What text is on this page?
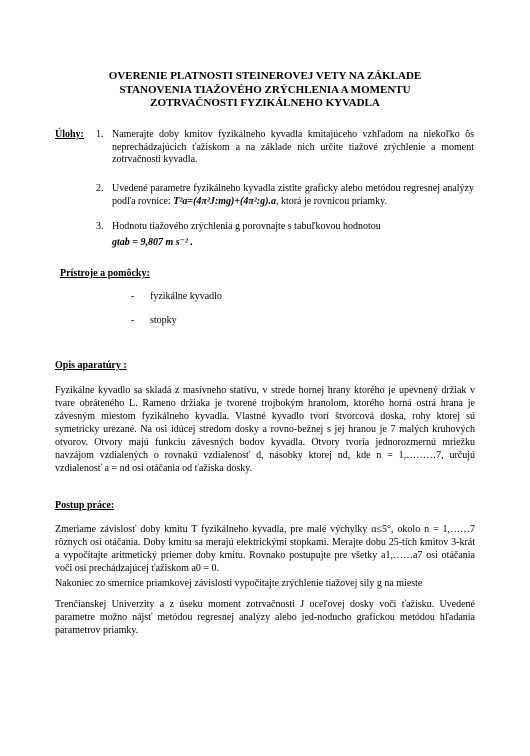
OVERENIE PLATNOSTI STEINEROVEJ VETY NA ZÁKLADE
STANOVENIA TIAŽOVÉHO ZRÝCHLENIA A MOMENTU
ZOTRVAČNOSTI FYZIKÁLNEHO KYVADLA
Úlohy: 1. Namerajte doby kmitov fyzikálneho kyvadla kmitajúceho vzhľadom na niekoľko ôs neprechádzajúcich ťažiskom a na základe nich určite tiažové zrýchlenie a moment zotrvačnosti kyvadla.
2. Uvedené parametre fyzikálneho kyvadla zistite graficky alebo metódou regresnej analýzy podľa rovnice: T²a=(4π²J:mg)+(4π²:g).a, ktorá je rovnicou priamky.
3. Hodnotu tiažového zrýchlenia g porovnajte s tabuľkovou hodnotou
gtab = 9,807 m s⁻² .
Prístroje a pomôcky:
- fyzikálne kyvadlo
- stopky
Opis aparatúry :
Fyzikálne kyvadlo sa skladá z masívneho statívu, v strede hornej hrany ktorého je upevnený držiak v tvare obráteného L. Rameno držiaka je tvorené trojbokým hranolom, ktorého horná ostrá hrana je závesným miestom fyzikálneho kyvadla. Vlastné kyvadlo tvorí štvorcová doska, rohy ktorej sú symetricky urezané. Na osi idúcej stredom dosky a rovno-bežnej s jej hranou je 7 malých kruhových otvorov. Otvory majú funkciu závesných bodov kyvadla. Otvory tvoria jednorozmernú mriežku navzájom vzdialených o rovnakú vzdialenosť d, násobky ktorej nd, kde n = 1,………7, určujú vzdialenosť a = nd osi otáčania od ťažiska dosky.
Postup práce:
Zmeriame závislosť doby kmitu T fyzikálneho kyvadla, pre malé výchylky α≤5°, okolo n = 1,……7 rôznych osí otáčania. Doby kmitu sa merajú elektrickými stopkami. Merajte dobu 25-tich kmitov 3-krát a vypočítajte aritmetický priemer doby kmitu. Rovnako postupujte pre všetky a1,……a7 osi otáčania voči osi prechádzajúcej ťažiskom a0 = 0.
Nakoniec zo smernice priamkovej závislosti vypočítajte zrýchlenie tiažovej sily g na mieste
Trenčianskej Univerzity a z úseku moment zotrvačnosti J oceľovej dosky voči ťažisku. Uvedené parametre možno nájsť metódou regresnej analýzy alebo jed-noducho grafickou metódou hľadania parametrov priamky.
